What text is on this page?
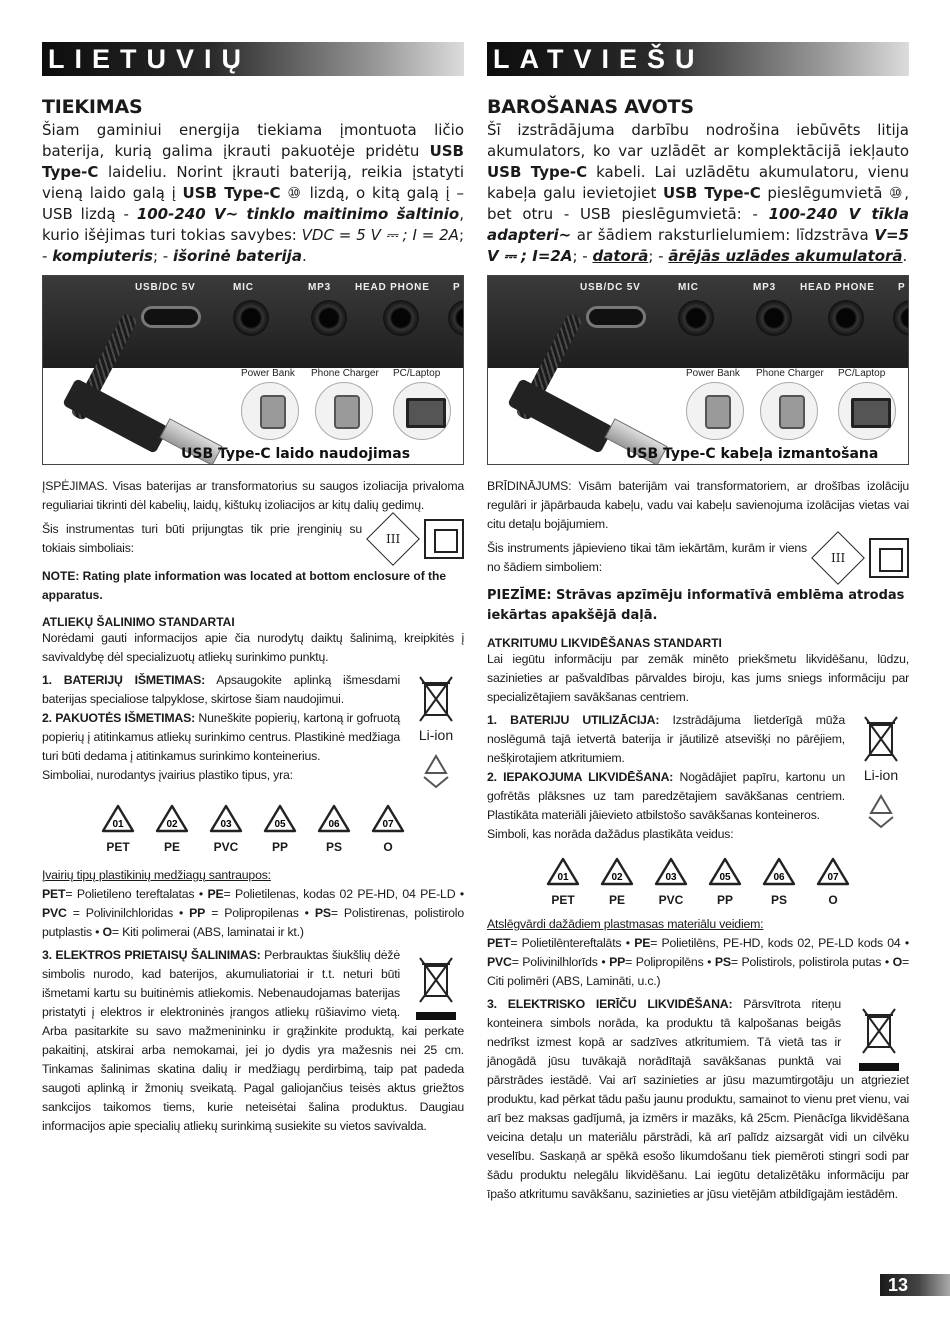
LIETUVIŲ
TIEKIMAS
Šiam gaminiui energija tiekiama įmontuota ličio baterija, kurią galima įkrauti pakuotėje pridėtu USB Type-C laideliu. Norint įkrauti bateriją, reikia įstatyti vieną laido galą į USB Type-C ⑩ lizdą, o kitą galą į – USB lizdą - 100-240 V~ tinklo maitinimo šaltinio, kurio išėjimas turi tokias savybes: VDC = 5 V ⎓ ; I = 2A; - kompiuteris; - išorinė baterija.
USB/DC 5V	MIC	MP3 HEAD PHONE P
Power Bank Phone Charger PC/Laptop
USB Type-C laido naudojimas
ĮSPĖJIMAS. Visas baterijas ar transformatorius su saugos izoliacija privaloma reguliariai tikrinti dėl kabelių, laidų, kištukų izoliacijos ar kitų dalių gedimų.
Šis instrumentas turi būti prijungtas tik prie įrenginių su tokiais simboliais:
III
NOTE: Rating plate information was located at bottom enclosure of the apparatus.
ATLIEKŲ ŠALINIMO STANDARTAI
Norėdami gauti informacijos apie čia nurodytų daiktų šalinimą, kreipkitės į savivaldybę dėl specializuotų atliekų surinkimo punktų.
Li-ion
1. BATERIJŲ IŠMETIMAS: Apsaugokite aplinką išmesdami baterijas specialiose talpyklose, skirtose šiam naudojimui.
2. PAKUOTĖS IŠMETIMAS: Nuneškite popierių, kartoną ir gofruotą popierių į atitinkamus atliekų surinkimo centrus. Plastikinė medžiaga turi būti dedama į atitinkamus surinkimo konteinerius.
Simboliai, nurodantys įvairius plastiko tipus, yra:
01
PET
02
PE
03
PVC
05
PP
06
PS
07
O
Įvairių tipų plastikinių medžiagų santraupos:
PET= Polietileno tereftalatas • PE= Polietilenas, kodas 02 PE-HD, 04 PE-LD • PVC = Polivinilchloridas • PP = Polipropilenas • PS= Polistirenas, polistirolo putplastis • O= Kiti polimerai (ABS, laminatai ir kt.)
3. ELEKTROS PRIETAISŲ ŠALINIMAS: Perbrauktas šiukšlių dėžė simbolis nurodo, kad baterijos, akumuliatoriai ir t.t. neturi būti išmetami kartu su buitinėmis atliekomis. Nebenaudojamas baterijas pristatyti į elektros ir elektroninės įrangos atliekų rūšiavimo vietą. Arba pasitarkite su savo mažmenininku ir grąžinkite produktą, kai perkate pakaitinį, atskirai arba nemokamai, jei jo dydis yra mažesnis nei 25 cm. Tinkamas šalinimas skatina dalių ir medžiagų perdirbimą, taip pat padeda saugoti aplinką ir žmonių sveikatą. Pagal galiojančius teisės aktus griežtos sankcijos taikomos tiems, kurie neteisėtai šalina produktus. Daugiau informacijos apie specialių atliekų surinkimą susiekite su vietos savivalda.
LATVIEŠU
BAROŠANAS AVOTS
Šī izstrādājuma darbību nodrošina iebūvēts litija akumulators, ko var uzlādēt ar komplektācijā iekļauto USB Type-C kabeli. Lai uzlādētu akumulatoru, vienu kabeļa galu ievietojiet USB Type-C pieslēgumvietā ⑩, bet otru - USB pieslēgumvietā: - 100-240 V tīkla adapteri~ ar šādiem raksturlielumiem: līdzstrāva V=5 V ⎓ ; I=2A; - datorā; - ārējās uzlādes akumulatorā.
USB/DC 5V	MIC	MP3 HEAD PHONE P
Power Bank Phone Charger PC/Laptop
USB Type-C kabeļa izmantošana
BRĪDINĀJUMS: Visām baterijām vai transformatoriem, ar drošības izolāciju regulāri ir jāpārbauda kabeļu, vadu vai kabeļu savienojuma izolācijas vietas vai citu detaļu bojājumiem.
Šis instruments jāpievieno tikai tām iekārtām, kurām ir viens no šādiem simboliem:
III
PIEZĪME: Strāvas apzīmēju informatīvā emblēma atrodas iekārtas apakšējā daļā.
ATKRITUMU LIKVIDĒŠANAS STANDARTI
Lai iegūtu informāciju par zemāk minēto priekšmetu likvidēšanu, lūdzu, sazinieties ar pašvaldības pārvaldes biroju, kas jums sniegs informāciju par specializētajiem savākšanas centriem.
Li-ion
1. BATERIJU UTILIZĀCIJA: Izstrādājuma lietderīgā mūža noslēgumā tajā ietvertā baterija ir jāutilizē atsevišķi no pārējiem, nešķirotajiem atkritumiem.
2. IEPAKOJUMA LIKVIDĒŠANA: Nogādājiet papīru, kartonu un gofrētās plāksnes uz tam paredzētajiem savākšanas centriem. Plastikāta materiāli jāievieto atbilstošo savākšanas konteineros.
Simboli, kas norāda dažādus plastikāta veidus:
01
PET
02
PE
03
PVC
05
PP
06
PS
07
O
Atslēgvārdi dažādiem plastmasas materiālu veidiem:
PET= Polietilēntereftalāts • PE= Polietilēns, PE-HD, kods 02, PE-LD kods 04 • PVC= Polivinilhlorīds • PP= Polipropilēns • PS= Polistirols, polistirola putas • O= Citi polimēri (ABS, Lamināti, u.c.)
3. ELEKTRISKO IERĪČU LIKVIDĒŠANA: Pārsvītrota riteņu konteinera simbols norāda, ka produktu tā kalpošanas beigās nedrīkst izmest kopā ar sadzīves atkritumiem. Tā vietā tas ir jānogādā jūsu tuvākajā norādītajā savākšanas punktā vai pārstrādes iestādē. Vai arī sazinieties ar jūsu mazumtirgotāju un atgrieziet produktu, kad pērkat tādu pašu jaunu produktu, samainot to vienu pret vienu, vai arī bez maksas gadījumā, ja izmērs ir mazāks, kā 25cm. Pienācīga likvidēšana veicina detaļu un materiālu pārstrādi, kā arī palīdz aizsargāt vidi un cilvēku veselību. Saskaņā ar spēkā esošo likumdošanu tiek piemēroti stingri sodi par šādu produktu nelegālu likvidēšanu. Lai iegūtu detalizētāku informāciju par īpašo atkritumu savākšanu, sazinieties ar jūsu vietējām atbildīgajām iestādēm.
13
